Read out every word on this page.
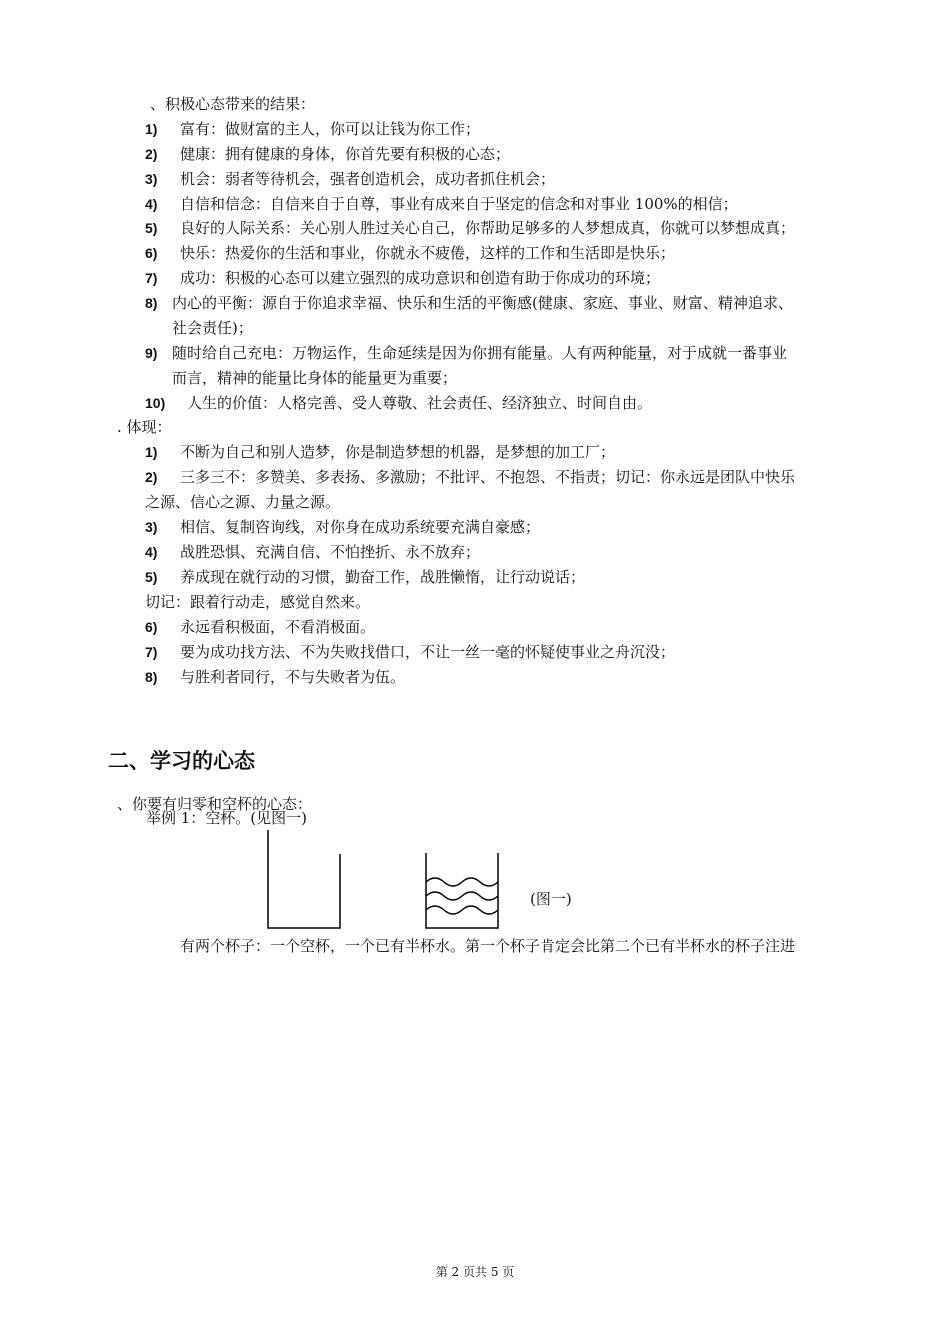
、积极心态带来的结果：
1) 富有：做财富的主人，你可以让钱为你工作；
2) 健康：拥有健康的身体，你首先要有积极的心态；
3) 机会：弱者等待机会，强者创造机会，成功者抓住机会；
4) 自信和信念：自信来自于自尊，事业有成来自于坚定的信念和对事业 100%的相信；
5) 良好的人际关系：关心别人胜过关心自己，你帮助足够多的人梦想成真，你就可以梦想成真；
6) 快乐：热爱你的生活和事业，你就永不疲倦，这样的工作和生活即是快乐；
7) 成功：积极的心态可以建立强烈的成功意识和创造有助于你成功的环境；
8) 内心的平衡：源自于你追求幸福、快乐和生活的平衡感(健康、家庭、事业、财富、精神追求、
社会责任)；
9) 随时给自己充电：万物运作，生命延续是因为你拥有能量。人有两种能量，对于成就一番事业
而言，精神的能量比身体的能量更为重要；
10) 人生的价值：人格完善、受人尊敬、社会责任、经济独立、时间自由。
. 体现：
1) 不断为自己和别人造梦，你是制造梦想的机器，是梦想的加工厂；
2) 三多三不：多赞美、多表扬、多激励；不批评、不抱怨、不指责；切记：你永远是团队中快乐
之源、信心之源、力量之源。
3) 相信、复制咨询线，对你身在成功系统要充满自豪感；
4) 战胜恐惧、充满自信、不怕挫折、永不放弃；
5) 养成现在就行动的习惯，勤奋工作，战胜懒惰，让行动说话；
切记：跟着行动走，感觉自然来。
6) 永远看积极面，不看消极面。
7) 要为成功找方法、不为失败找借口，不让一丝一毫的怀疑使事业之舟沉没；
8) 与胜利者同行，不与失败者为伍。
二、学习的心态
、你要有归零和空杯的心态：
举例 1：空杯。(见图一)
(图一)
有两个杯子：一个空杯，一个已有半杯水。第一个杯子肯定会比第二个已有半杯水的杯子注进
第 2 页共 5 页
